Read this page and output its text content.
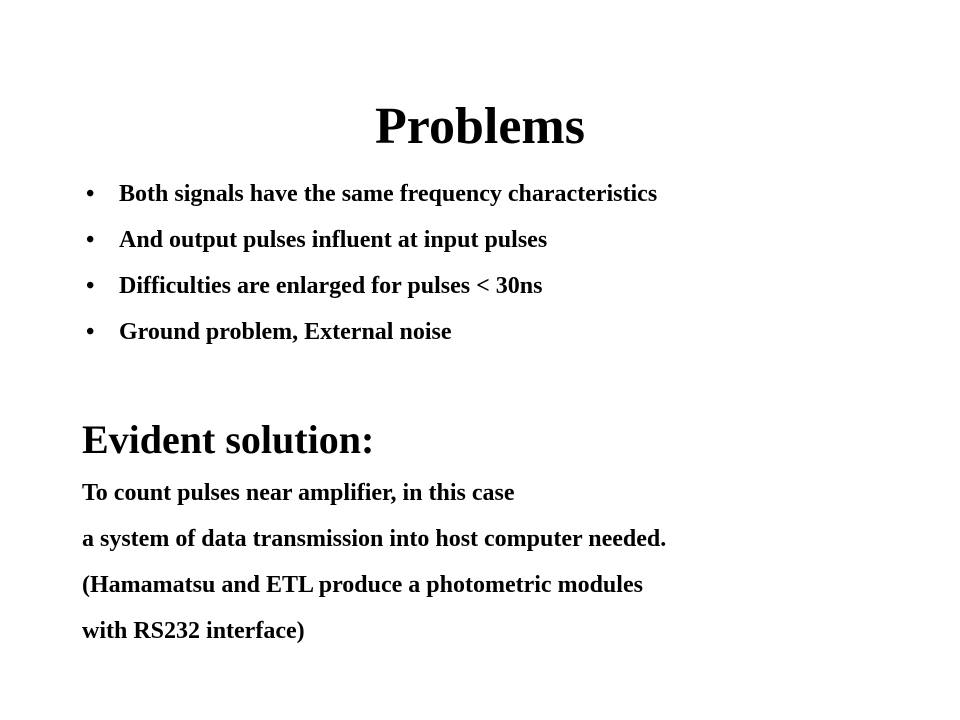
Problems
• Both signals have the same frequency characteristics
• And output pulses influent at input pulses
• Difficulties are enlarged for pulses < 30ns
• Ground problem, External noise
Evident solution:
To count pulses near amplifier, in this case
a system of data transmission into host computer needed.
(Hamamatsu and ETL produce a photometric modules
with RS232 interface)
